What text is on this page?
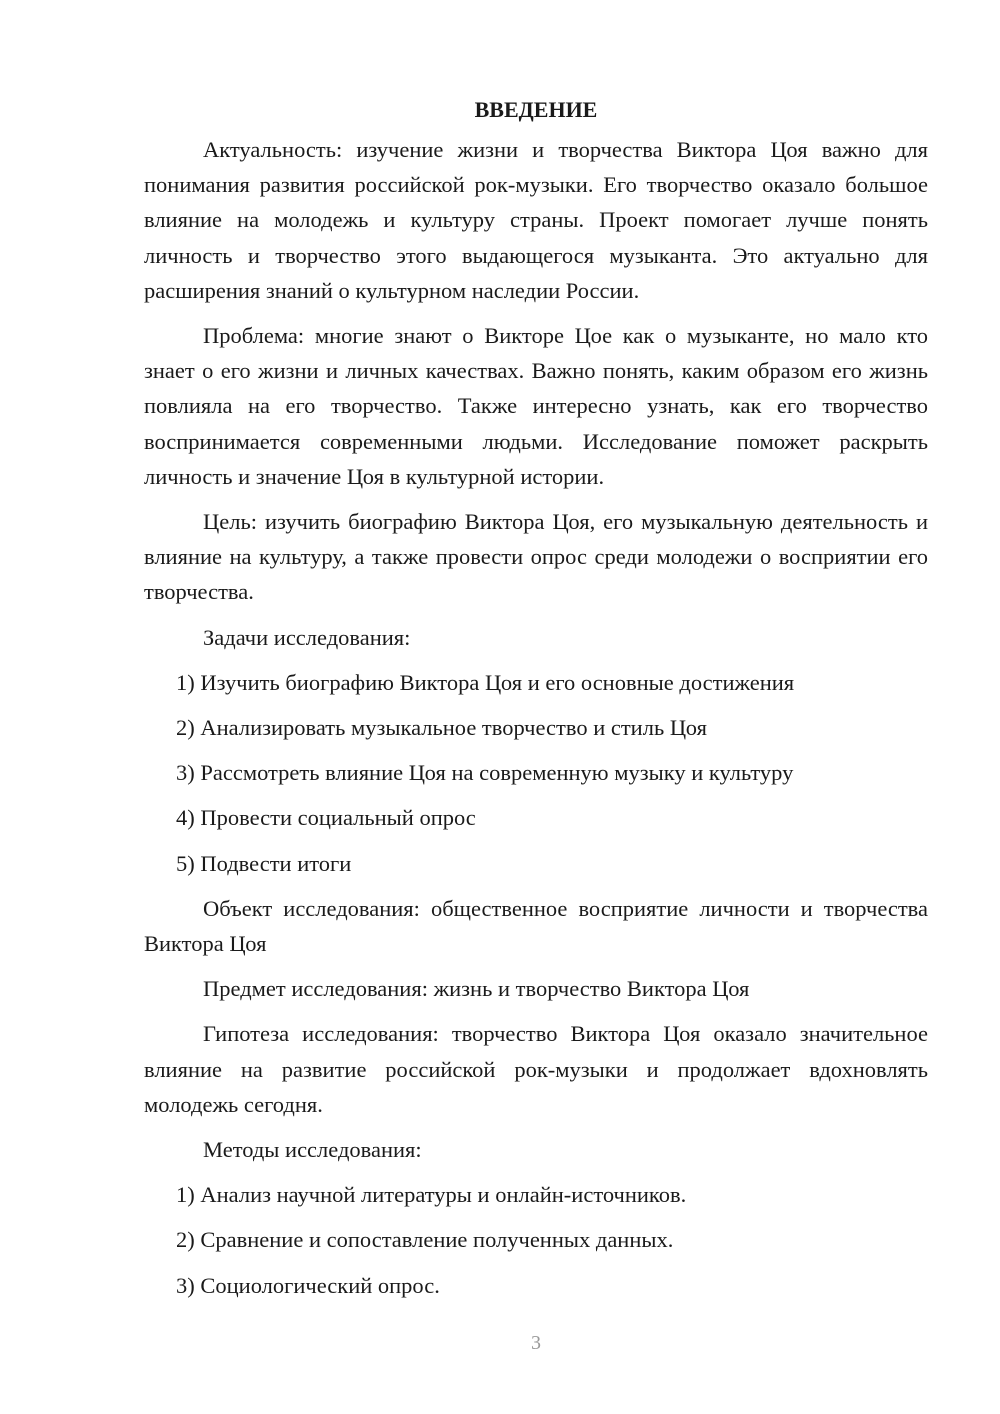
ВВЕДЕНИЕ

Актуальность: изучение жизни и творчества Виктора Цоя важно для понимания развития российской рок-музыки. Его творчество оказало большое влияние на молодежь и культуру страны. Проект помогает лучше понять личность и творчество этого выдающегося музыканта. Это актуально для расширения знаний о культурном наследии России.

Проблема: многие знают о Викторе Цое как о музыканте, но мало кто знает о его жизни и личных качествах. Важно понять, каким образом его жизнь повлияла на его творчество. Также интересно узнать, как его творчество воспринимается современными людьми. Исследование поможет раскрыть личность и значение Цоя в культурной истории.

Цель: изучить биографию Виктора Цоя, его музыкальную деятельность и влияние на культуру, а также провести опрос среди молодежи о восприятии его творчества.

Задачи исследования:

1) Изучить биографию Виктора Цоя и его основные достижения
2) Анализировать музыкальное творчество и стиль Цоя
3) Рассмотреть влияние Цоя на современную музыку и культуру
4) Провести социальный опрос
5) Подвести итоги

Объект исследования: общественное восприятие личности и творчества Виктора Цоя

Предмет исследования: жизнь и творчество Виктора Цоя

Гипотеза исследования: творчество Виктора Цоя оказало значительное влияние на развитие российской рок-музыки и продолжает вдохновлять молодежь сегодня.

Методы исследования:

1) Анализ научной литературы и онлайн-источников.
2) Сравнение и сопоставление полученных данных.
3) Социологический опрос.
3
